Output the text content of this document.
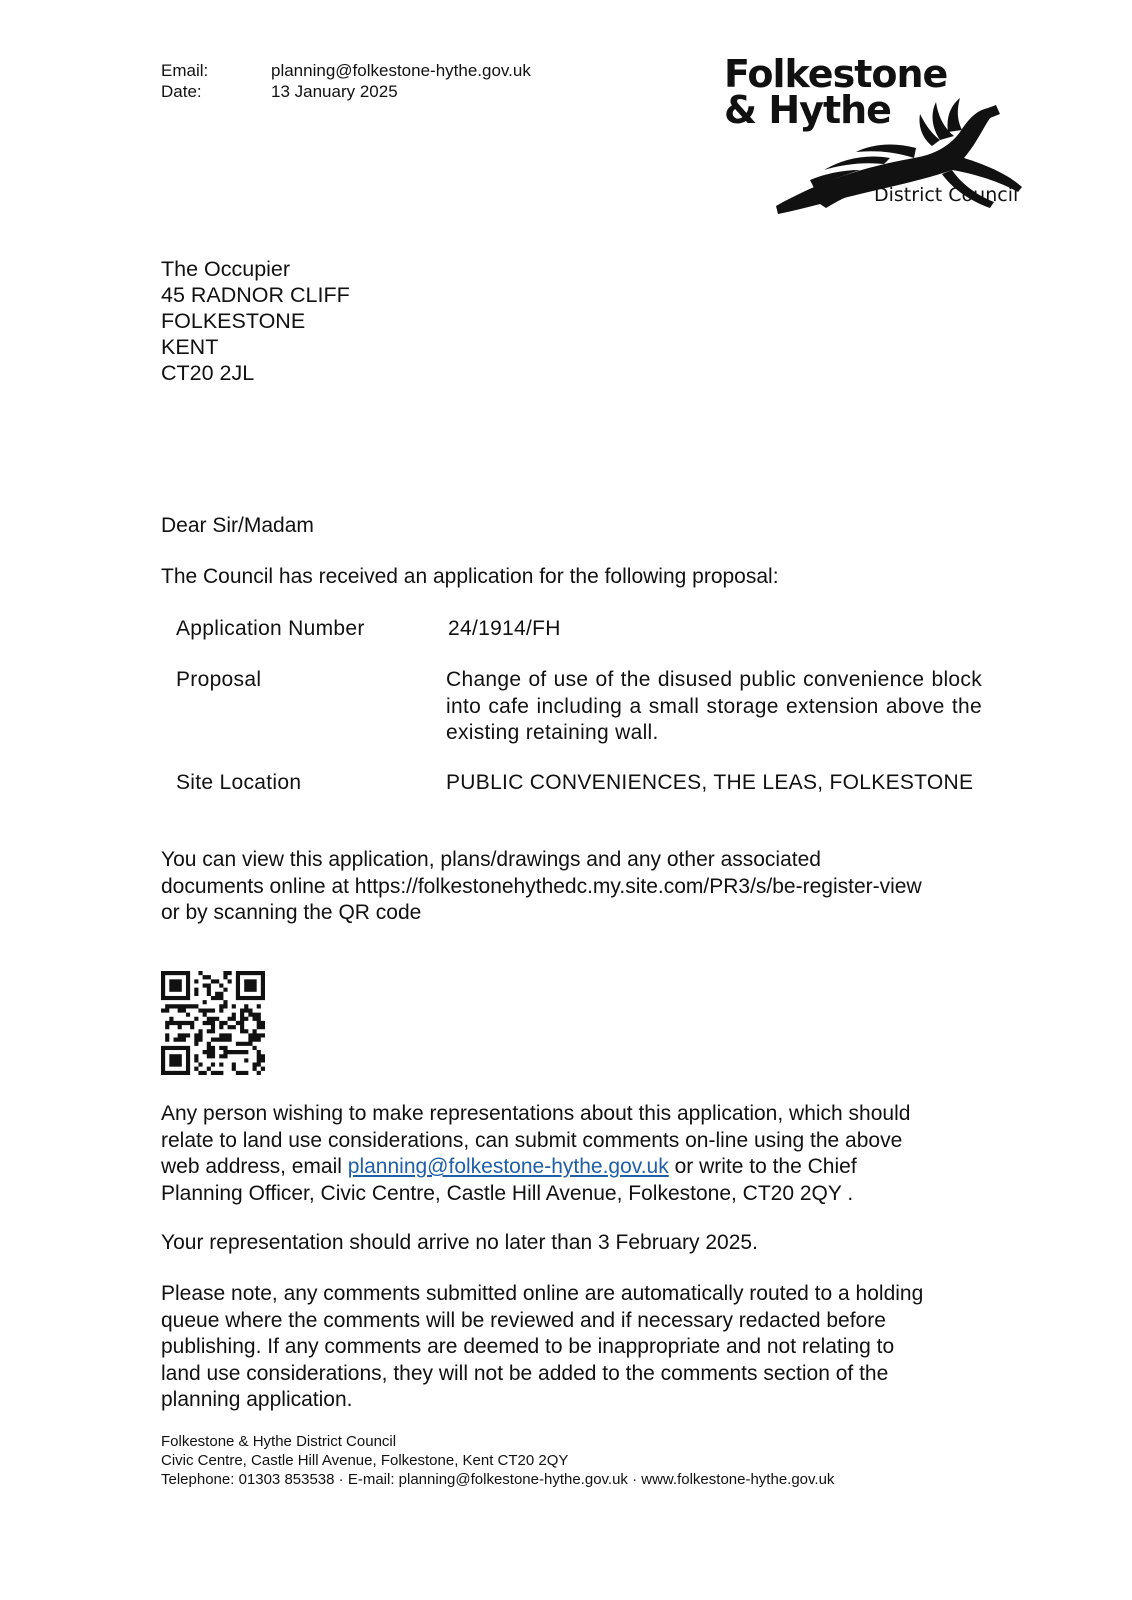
Email:	planning@folkestone-hythe.gov.uk
Date:	13 January 2025	Folkestone
& Hythe
District Council
The Occupier
45 RADNOR CLIFF
FOLKESTONE
KENT
CT20 2JL
Dear Sir/Madam
The Council has received an application for the following proposal:
Application Number	24/1914/FH
Proposal	Change of use of the disused public convenience block into cafe including a small storage extension above the existing retaining wall.
Site Location	PUBLIC CONVENIENCES, THE LEAS, FOLKESTONE
You can view this application, plans/drawings and any other associated
documents online at https://folkestonehythedc.my.site.com/PR3/s/be-register-view
or by scanning the QR code
Any person wishing to make representations about this application, which should
relate to land use considerations, can submit comments on-line using the above
web address, email planning@folkestone-hythe.gov.uk or write to the Chief
Planning Officer, Civic Centre, Castle Hill Avenue, Folkestone, CT20 2QY .
Your representation should arrive no later than 3 February 2025.
Please note, any comments submitted online are automatically routed to a holding
queue where the comments will be reviewed and if necessary redacted before
publishing. If any comments are deemed to be inappropriate and not relating to
land use considerations, they will not be added to the comments section of the
planning application.
Folkestone & Hythe District Council
Civic Centre, Castle Hill Avenue, Folkestone, Kent CT20 2QY
Telephone: 01303 853538 · E-mail: planning@folkestone-hythe.gov.uk · www.folkestone-hythe.gov.uk
